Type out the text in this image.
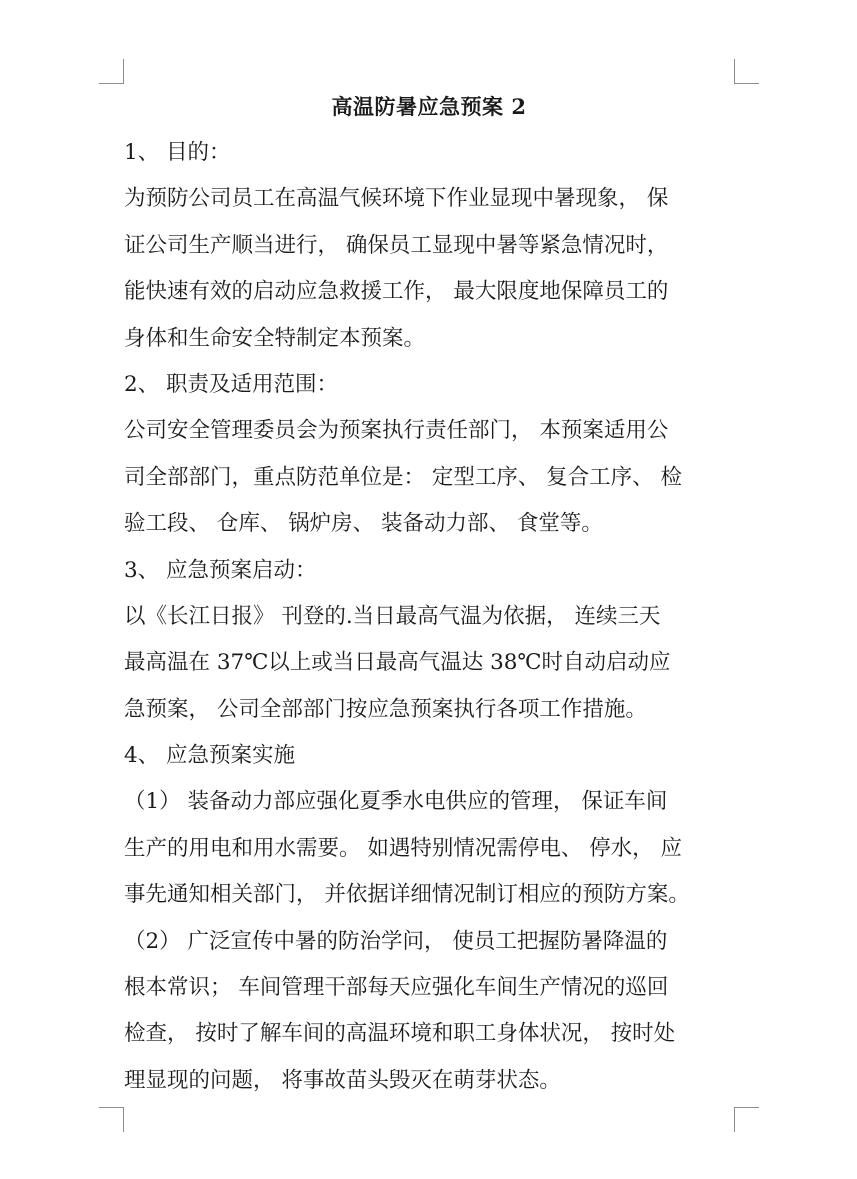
高温防暑应急预案 2

1、 目的：

为预防公司员工在高温气候环境下作业显现中暑现象， 保

证公司生产顺当进行， 确保员工显现中暑等紧急情况时，

能快速有效的启动应急救援工作， 最大限度地保障员工的

身体和生命安全特制定本预案。

2、 职责及适用范围：

公司安全管理委员会为预案执行责任部门， 本预案适用公

司全部部门，重点防范单位是： 定型工序、 复合工序、 检

验工段、 仓库、 锅炉房、 装备动力部、 食堂等。

3、 应急预案启动：

以《长江日报》 刊登的.当日最高气温为依据， 连续三天

最高温在 37℃以上或当日最高气温达 38℃时自动启动应

急预案， 公司全部部门按应急预案执行各项工作措施。

4、 应急预案实施

（1） 装备动力部应强化夏季水电供应的管理， 保证车间

生产的用电和用水需要。 如遇特别情况需停电、 停水， 应

事先通知相关部门， 并依据详细情况制订相应的预防方案。

（2） 广泛宣传中暑的防治学问， 使员工把握防暑降温的

根本常识； 车间管理干部每天应强化车间生产情况的巡回

检查， 按时了解车间的高温环境和职工身体状况， 按时处

理显现的问题， 将事故苗头毁灭在萌芽状态。
